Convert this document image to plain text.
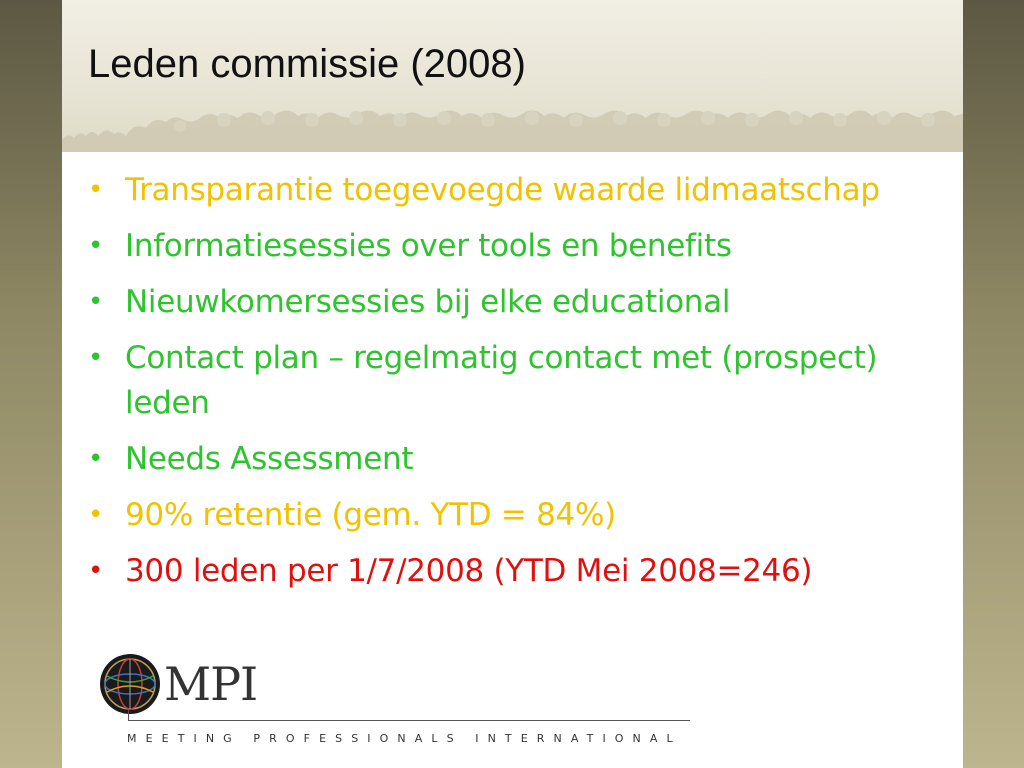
Leden commissie (2008)
• Transparantie toegevoegde waarde lidmaatschap
• Informatiesessies over tools en benefits
• Nieuwkomersessies bij elke educational
• Contact plan – regelmatig contact met (prospect) leden
• Needs Assessment
• 90% retentie (gem. YTD = 84%)
• 300 leden per 1/7/2008 (YTD Mei 2008=246)
MPI
MEETING PROFESSIONALS INTERNATIONAL
